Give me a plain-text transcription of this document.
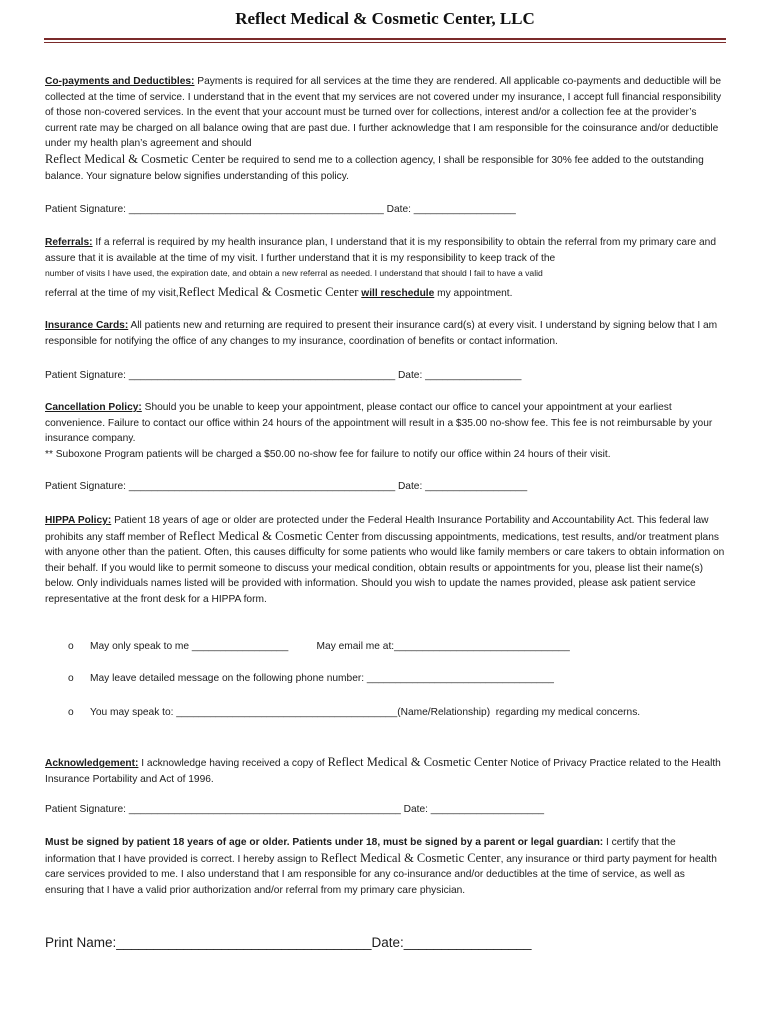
Reflect Medical & Cosmetic Center, LLC
Co-payments and Deductibles: Payments is required for all services at the time they are rendered. All applicable co-payments and deductible will be collected at the time of service. I understand that in the event that my services are not covered under my insurance, I accept full financial responsibility of those non-covered services. In the event that your account must be turned over for collections, interest and/or a collection fee at the provider’s current rate may be charged on all balance owing that are past due. I further acknowledge that I am responsible for the coinsurance and/or deductible under my health plan’s agreement and should
Reflect Medical & Cosmetic Center be required to send me to a collection agency, I shall be responsible for 30% fee added to the outstanding balance. Your signature below signifies understanding of this policy.
Patient Signature: _____________________________________________ Date: __________________
Referrals: If a referral is required by my health insurance plan, I understand that it is my responsibility to obtain the referral from my primary care and assure that it is available at the time of my visit. I further understand that it is my responsibility to keep track of the
number of visits I have used, the expiration date, and obtain a new referral as needed. I understand that should I fail to have a valid
referral at the time of my visit,Reflect Medical & Cosmetic Center will reschedule my appointment.
Insurance Cards: All patients new and returning are required to present their insurance card(s) at every visit. I understand by signing below that I am responsible for notifying the office of any changes to my insurance, coordination of benefits or contact information.
Patient Signature: _______________________________________________ Date: _________________
Cancellation Policy: Should you be unable to keep your appointment, please contact our office to cancel your appointment at your earliest convenience. Failure to contact our office within 24 hours of the appointment will result in a $35.00 no-show fee. This fee is not reimbursable by your insurance company.
** Suboxone Program patients will be charged a $50.00 no-show fee for failure to notify our office within 24 hours of their visit.
Patient Signature: _______________________________________________ Date: __________________
HIPPA Policy: Patient 18 years of age or older are protected under the Federal Health Insurance Portability and Accountability Act. This federal law prohibits any staff member of Reflect Medical & Cosmetic Center from discussing appointments, medications, test results, and/or treatment plans with anyone other than the patient. Often, this causes difficulty for some patients who would like family members or care takers to obtain information on their behalf. If you would like to permit someone to discuss your medical condition, obtain results or appointments for you, please list their name(s) below. Only individuals names listed will be provided with information. Should you wish to update the names provided, please ask patient service representative at the front desk for a HIPPA form.
o May only speak to me _________________          May email me at:_______________________________
o May leave detailed message on the following phone number: _________________________________
o You may speak to: _______________________________________(Name/Relationship)  regarding my medical concerns.
Acknowledgement: I acknowledge having received a copy of Reflect Medical & Cosmetic Center Notice of Privacy Practice related to the Health Insurance Portability and Act of 1996.
Patient Signature: ________________________________________________ Date: ____________________
Must be signed by patient 18 years of age or older. Patients under 18, must be signed by a parent or legal guardian: I certify that the information that I have provided is correct. I hereby assign to Reflect Medical & Cosmetic Center, any insurance or third party payment for health care services provided to me. I also understand that I am responsible for any co-insurance and/or deductibles at the time of service, as well as ensuring that I have a valid prior authorization and/or referral from my primary care physician.
Print Name:__________________________________Date:_________________
